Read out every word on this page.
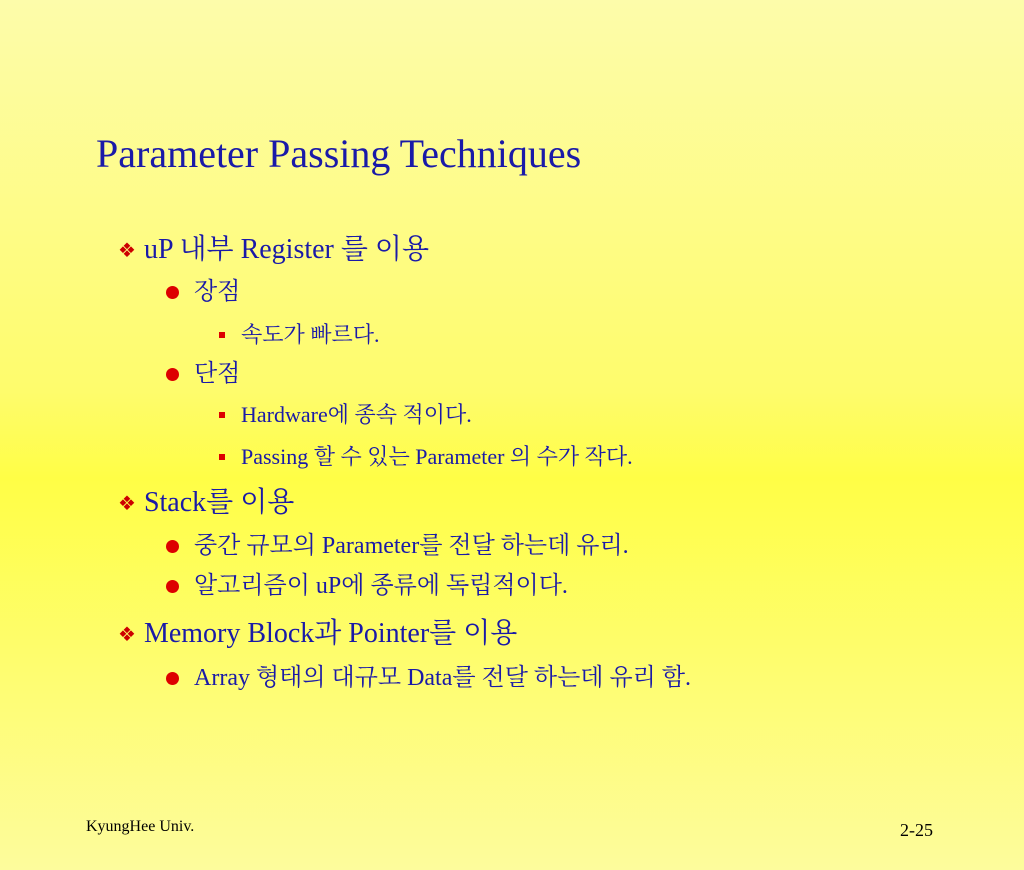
Parameter Passing Techniques
❖ uP 내부 Register 를 이용
장점
속도가 빠르다.
단점
Hardware에 종속 적이다.
Passing 할 수 있는 Parameter 의 수가 작다.
❖ Stack를 이용
중간 규모의 Parameter를 전달 하는데 유리.
알고리즘이 uP에 종류에 독립적이다.
❖ Memory Block과 Pointer를 이용
Array 형태의 대규모 Data를 전달 하는데 유리 함.
KyungHee Univ.	2-25
